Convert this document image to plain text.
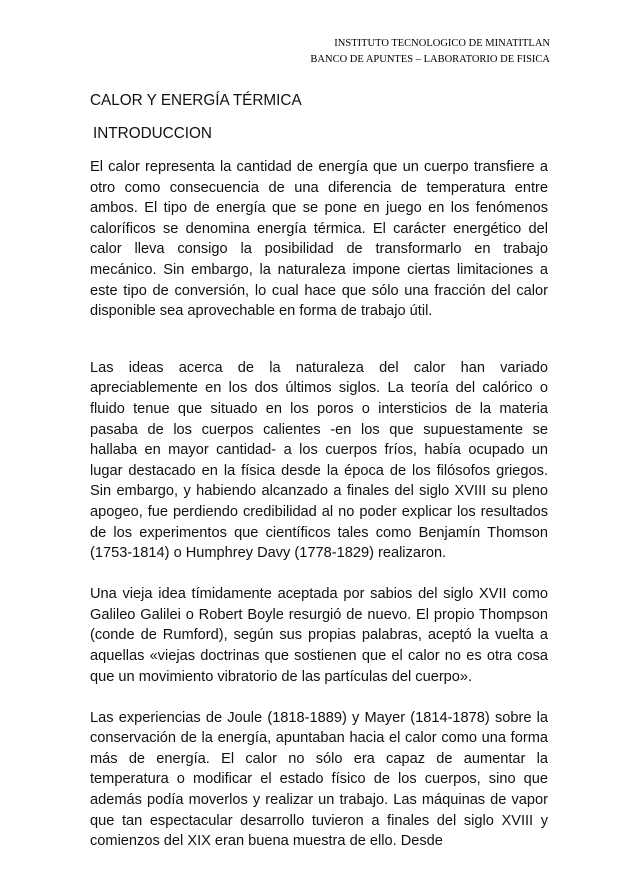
INSTITUTO TECNOLOGICO DE MINATITLAN
BANCO DE APUNTES – LABORATORIO DE FISICA
CALOR Y ENERGÍA TÉRMICA
INTRODUCCION

El calor representa la cantidad de energía que un cuerpo transfiere a otro como consecuencia de una diferencia de temperatura entre ambos. El tipo de energía que se pone en juego en los fenómenos caloríficos se denomina energía térmica. El carácter energético del calor lleva consigo la posibilidad de transformarlo en trabajo mecánico. Sin embargo, la naturaleza impone ciertas limitaciones a este tipo de conversión, lo cual hace que sólo una fracción del calor disponible sea aprovechable en forma de trabajo útil.

Las ideas acerca de la naturaleza del calor han variado apreciablemente en los dos últimos siglos. La teoría del calórico o fluido tenue que situado en los poros o intersticios de la materia pasaba de los cuerpos calientes -en los que supuestamente se hallaba en mayor cantidad- a los cuerpos fríos, había ocupado un lugar destacado en la física desde la época de los filósofos griegos. Sin embargo, y habiendo alcanzado a finales del siglo XVIII su pleno apogeo, fue perdiendo credibilidad al no poder explicar los resultados de los experimentos que científicos tales como Benjamín Thomson (1753-1814) o Humphrey Davy (1778-1829) realizaron.

Una vieja idea tímidamente aceptada por sabios del siglo XVII como Galileo Galilei o Robert Boyle resurgió de nuevo. El propio Thompson (conde de Rumford), según sus propias palabras, aceptó la vuelta a aquellas «viejas doctrinas que sostienen que el calor no es otra cosa que un movimiento vibratorio de las partículas del cuerpo».

Las experiencias de Joule (1818-1889) y Mayer (1814-1878) sobre la conservación de la energía, apuntaban hacia el calor como una forma más de energía. El calor no sólo era capaz de aumentar la temperatura o modificar el estado físico de los cuerpos, sino que además podía moverlos y realizar un trabajo. Las máquinas de vapor que tan espectacular desarrollo tuvieron a finales del siglo XVIII y comienzos del XIX eran buena muestra de ello. Desde
